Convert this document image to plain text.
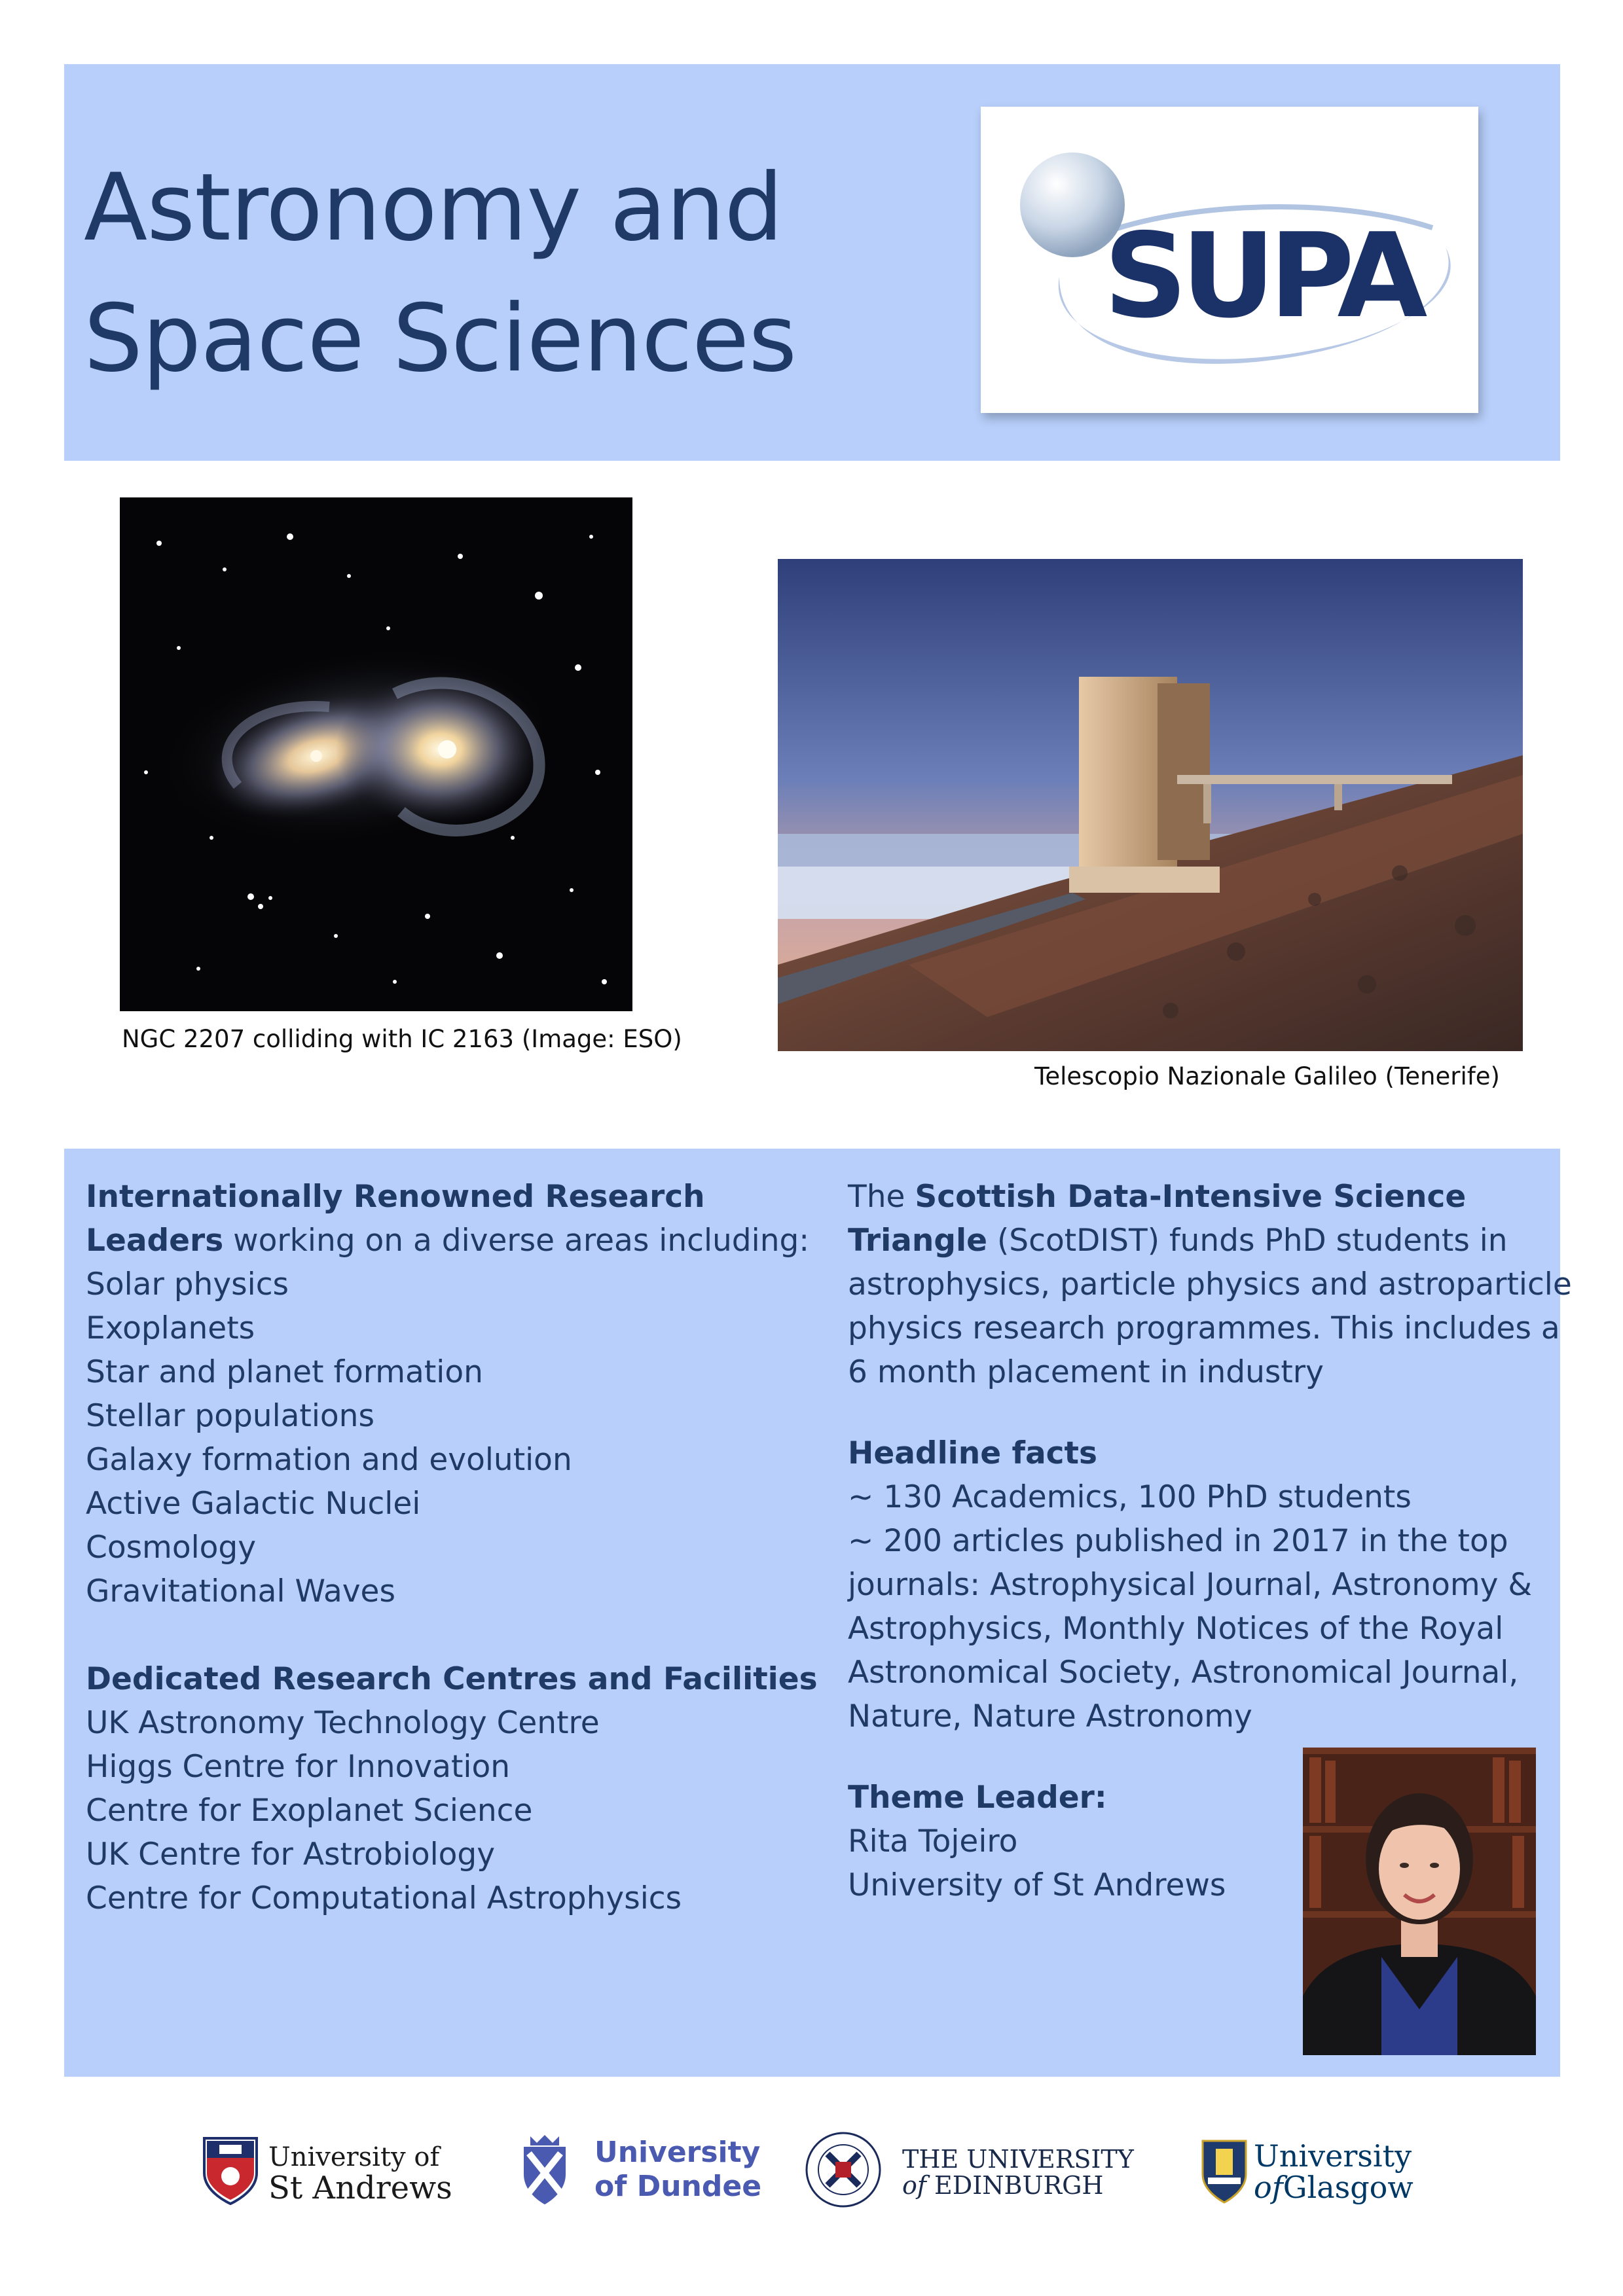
Astronomy and
Space Sciences	SUPA
NGC 2207 colliding with IC 2163 (Image: ESO)
Telescopio Nazionale Galileo (Tenerife)
Internationally Renowned Research
Leaders working on a diverse areas including:
Solar physics
Exoplanets
Star and planet formation
Stellar populations
Galaxy formation and evolution
Active Galactic Nuclei
Cosmology
Gravitational Waves
Dedicated Research Centres and Facilities
UK Astronomy Technology Centre
Higgs Centre for Innovation
Centre for Exoplanet Science
UK Centre for Astrobiology
Centre for Computational Astrophysics
The Scottish Data-Intensive Science
Triangle (ScotDIST) funds PhD students in
astrophysics, particle physics and astroparticle
physics research programmes. This includes a
6 month placement in industry
Headline facts
~ 130 Academics, 100 PhD students
~ 200 articles published in 2017 in the top
journals: Astrophysical Journal, Astronomy &
Astrophysics, Monthly Notices of the Royal
Astronomical Society, Astronomical Journal,
Nature, Nature Astronomy
Theme Leader:
Rita Tojeiro
University of St Andrews
University of
St Andrews
University
of Dundee
THE UNIVERSITY
of EDINBURGH
University
ofGlasgow
